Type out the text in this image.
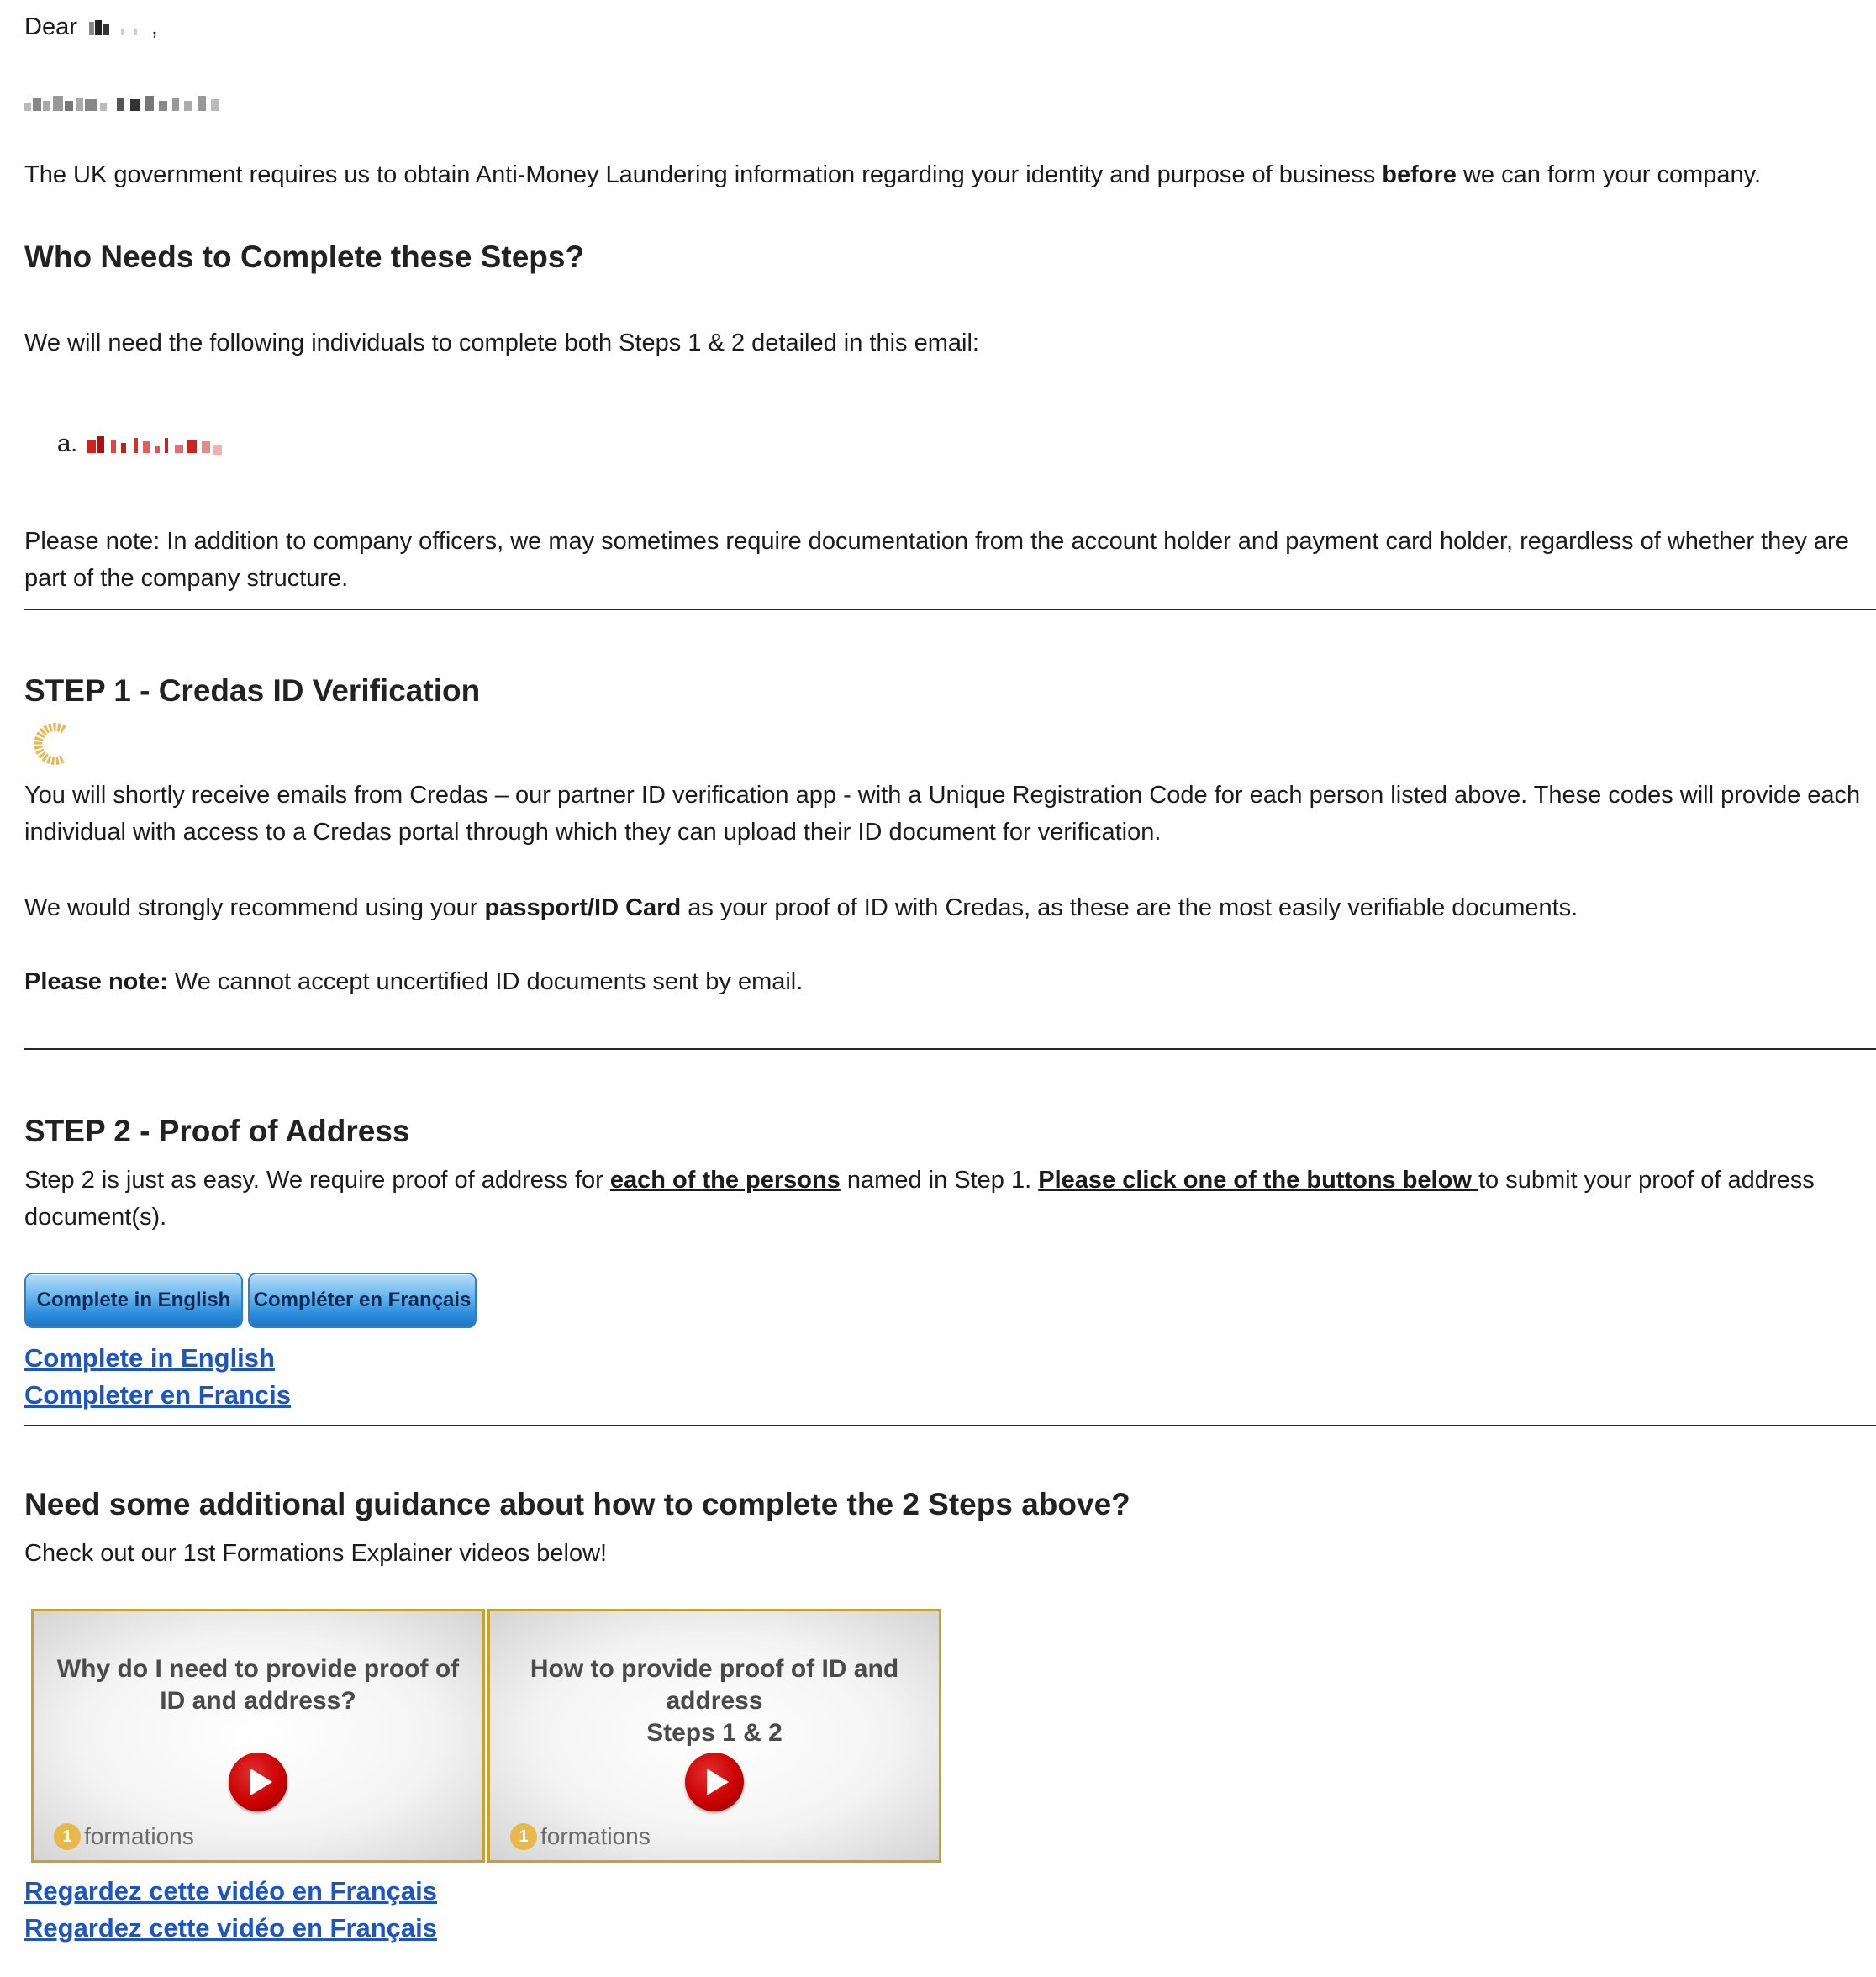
Dear	,

The UK government requires us to obtain Anti-Money Laundering information regarding your identity and purpose of business before we can form your company.

Who Needs to Complete these Steps?

We will need the following individuals to complete both Steps 1 & 2 detailed in this email:

a.

Please note: In addition to company officers, we may sometimes require documentation from the account holder and payment card holder, regardless of whether they are

part of the company structure.

STEP 1 - Credas ID Verification

You will shortly receive emails from Credas – our partner ID verification app - with a Unique Registration Code for each person listed above. These codes will provide each

individual with access to a Credas portal through which they can upload their ID document for verification.

We would strongly recommend using your passport/ID Card as your proof of ID with Credas, as these are the most easily verifiable documents.

Please note: We cannot accept uncertified ID documents sent by email.

STEP 2 - Proof of Address

Step 2 is just as easy. We require proof of address for each of the persons named in Step 1. Please click one of the buttons below to submit your proof of address

document(s).

Complete in English	Compléter en Français
Complete in English
Completer en Francis
Need some additional guidance about how to complete the 2 Steps above?

Check out our 1st Formations Explainer videos below!

Why do I need to provide proof of
ID and address?
1 formations
How to provide proof of ID and address
Steps 1 & 2
1 formations
Regardez cette vidéo en Français
Regardez cette vidéo en Français
